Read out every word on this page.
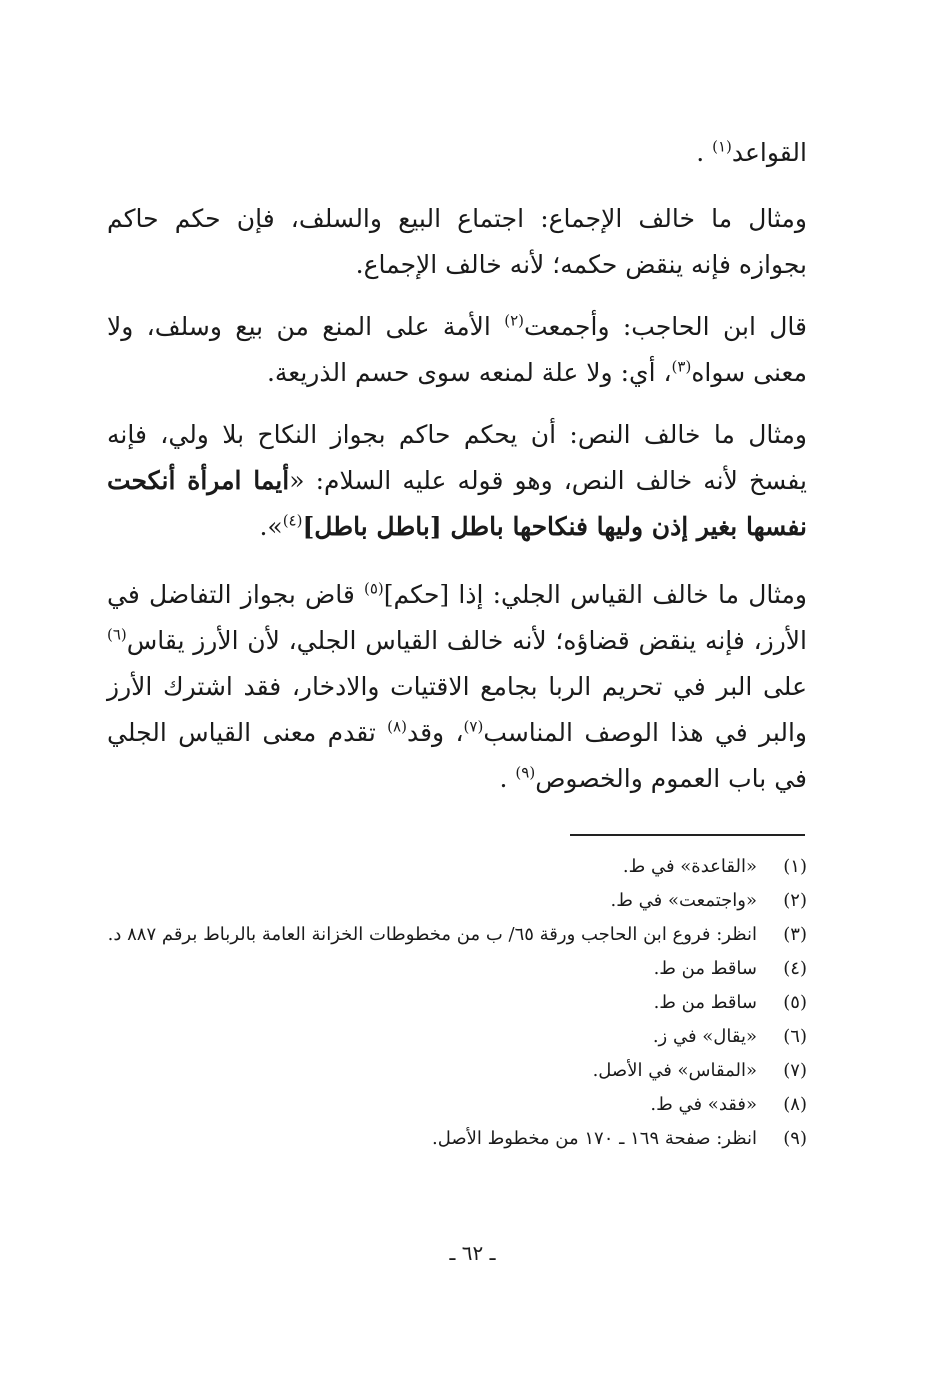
القواعد$^{(١)}$ .
ومثال ما خالف الإجماع: اجتماع البيع والسلف، فإن حكم حاكم بجوازه فإنه ينقض حكمه؛ لأنه خالف الإجماع.
قال ابن الحاجب: وأجمعت$^{(٢)}$ الأمة على المنع من بيع وسلف، ولا معنى سواه$^{(٣)}$، أي: ولا علة لمنعه سوى حسم الذريعة.
ومثال ما خالف النص: أن يحكم حاكم بجواز النكاح بلا ولي، فإنه يفسخ لأنه خالف النص، وهو قوله عليه السلام: «أيما امرأة أنكحت نفسها بغير إذن وليها فنكاحها باطل [باطل باطل]$^{(٤)}$».
ومثال ما خالف القياس الجلي: إذا [حكم]$^{(٥)}$ قاض بجواز التفاضل في الأرز، فإنه ينقض قضاؤه؛ لأنه خالف القياس الجلي، لأن الأرز يقاس$^{(٦)}$ على البر في تحريم الربا بجامع الاقتيات والادخار، فقد اشترك الأرز والبر في هذا الوصف المناسب$^{(٧)}$، وقد$^{(٨)}$ تقدم معنى القياس الجلي في باب العموم والخصوص$^{(٩)}$ .
(١)
«القاعدة» في ط.
(٢)
«واجتمعت» في ط.
(٣)
انظر: فروع ابن الحاجب ورقة ٦٥/ ب من مخطوطات الخزانة العامة بالرباط برقم ٨٨٧ د.
(٤)
ساقط من ط.
(٥)
ساقط من ط.
(٦)
«يقال» في ز.
(٧)
«المقاس» في الأصل.
(٨)
«فقد» في ط.
(٩)
انظر: صفحة ١٦٩ ـ ١٧٠ من مخطوط الأصل.
ـ ٦٢ ـ
